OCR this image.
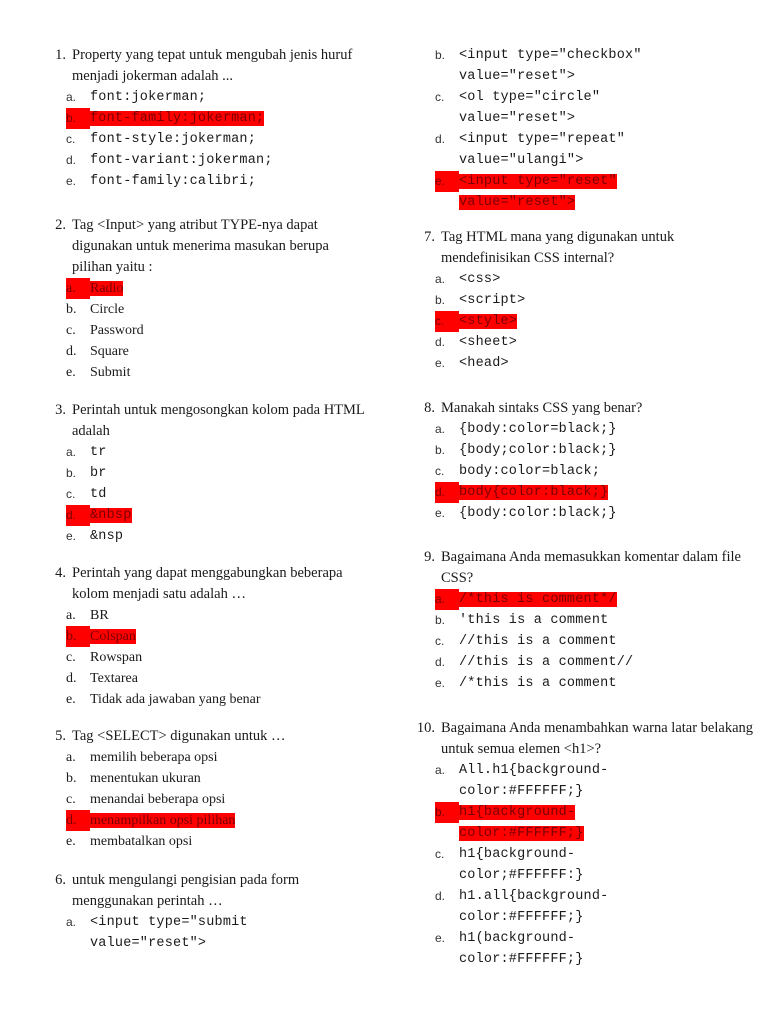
1. Property yang tepat untuk mengubah jenis huruf menjadi jokerman adalah ...
a.	font:jokerman;
b.	font-family:jokerman;
c.	font-style:jokerman;
d.	font-variant:jokerman;
e.	font-family:calibri;
2. Tag <Input> yang atribut TYPE-nya dapat digunakan untuk menerima masukan berupa pilihan yaitu :
a.	Radio
b. Circle
c.	Password
d. Square
e.	Submit
3. Perintah untuk mengosongkan kolom pada HTML adalah
a.	tr
b.	br
c.	td
d.	&nbsp
e.	&nsp
4. Perintah yang dapat menggabungkan beberapa kolom menjadi satu adalah …
a.	BR
b. Colspan
c.	Rowspan
d. Textarea
e.	Tidak ada jawaban yang benar
5. Tag <SELECT> digunakan untuk …
a.	memilih beberapa opsi
b. menentukan ukuran
c.	menandai beberapa opsi
d. menampilkan opsi pilihan
e.	membatalkan opsi
6. untuk mengulangi pengisian pada form menggunakan perintah …
a.	<input type="submit
value="reset">
7. Tag HTML mana yang digunakan untuk mendefinisikan CSS internal?
a.	<css>
b.	<script>
c.	<style>
d.	<sheet>
e.	<head>
8. Manakah sintaks CSS yang benar?
a.	{body:color=black;}
b.	{body;color:black;}
c.	body:color=black;
d.	body{color:black;}
e.	{body:color:black;}
9. Bagaimana Anda memasukkan komentar dalam file CSS?
a.	/*this is comment*/
b.	'this is a comment
c.	//this is a comment
d.	//this is a comment//
e.	/*this is a comment
10. Bagaimana Anda menambahkan warna latar belakang untuk semua elemen <h1>?
a.	All.h1{background-
color:#FFFFFF;}
b.	h1{background-
color:#FFFFFF;}
c.	h1{background-
color;#FFFFFF:}
d.	h1.all{background-
color:#FFFFFF;}
e.	h1(background-
color:#FFFFFF;}
b.	<input type="checkbox"
value="reset">
c.	<ol type="circle"
value="reset">
d.	<input type="repeat"
value="ulangi">
e.	<input type="reset"
value="reset">
